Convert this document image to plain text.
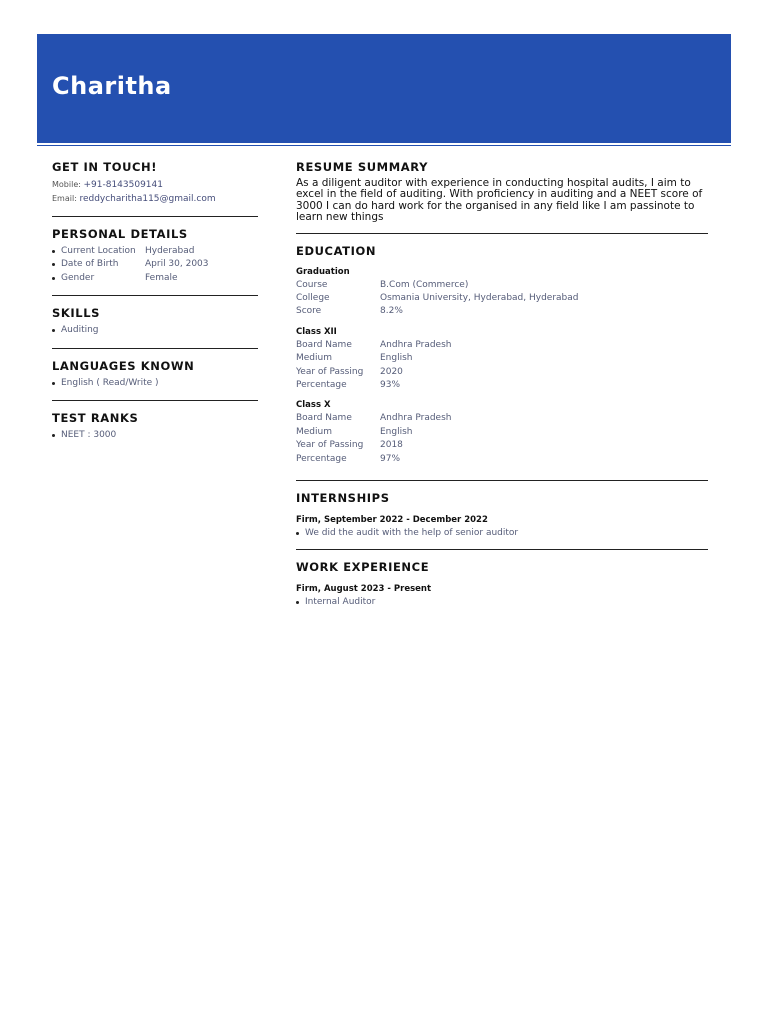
Charitha
GET IN TOUCH!
Mobile: +91-8143509141
Email: reddycharitha115@gmail.com
PERSONAL DETAILS
Current Location Hyderabad
Date of Birth	April 30, 2003
Gender	Female
SKILLS
Auditing
LANGUAGES KNOWN
English ( Read/Write )
TEST RANKS
NEET : 3000
RESUME SUMMARY
As a diligent auditor with experience in conducting hospital audits, I aim to excel in the field of auditing. With proficiency in auditing and a NEET score of 3000 I can do hard work for the organised in any field like I am passinote to learn new things
EDUCATION
Graduation
Course	B.Com (Commerce)
College	Osmania University, Hyderabad, Hyderabad
Score	8.2%
Class XII
Board Name	Andhra Pradesh
Medium	English
Year of Passing 2020
Percentage	93%
Class X
Board Name	Andhra Pradesh
Medium	English
Year of Passing 2018
Percentage	97%
INTERNSHIPS
Firm, September 2022 - December 2022
We did the audit with the help of senior auditor
WORK EXPERIENCE
Firm, August 2023 - Present
Internal Auditor
